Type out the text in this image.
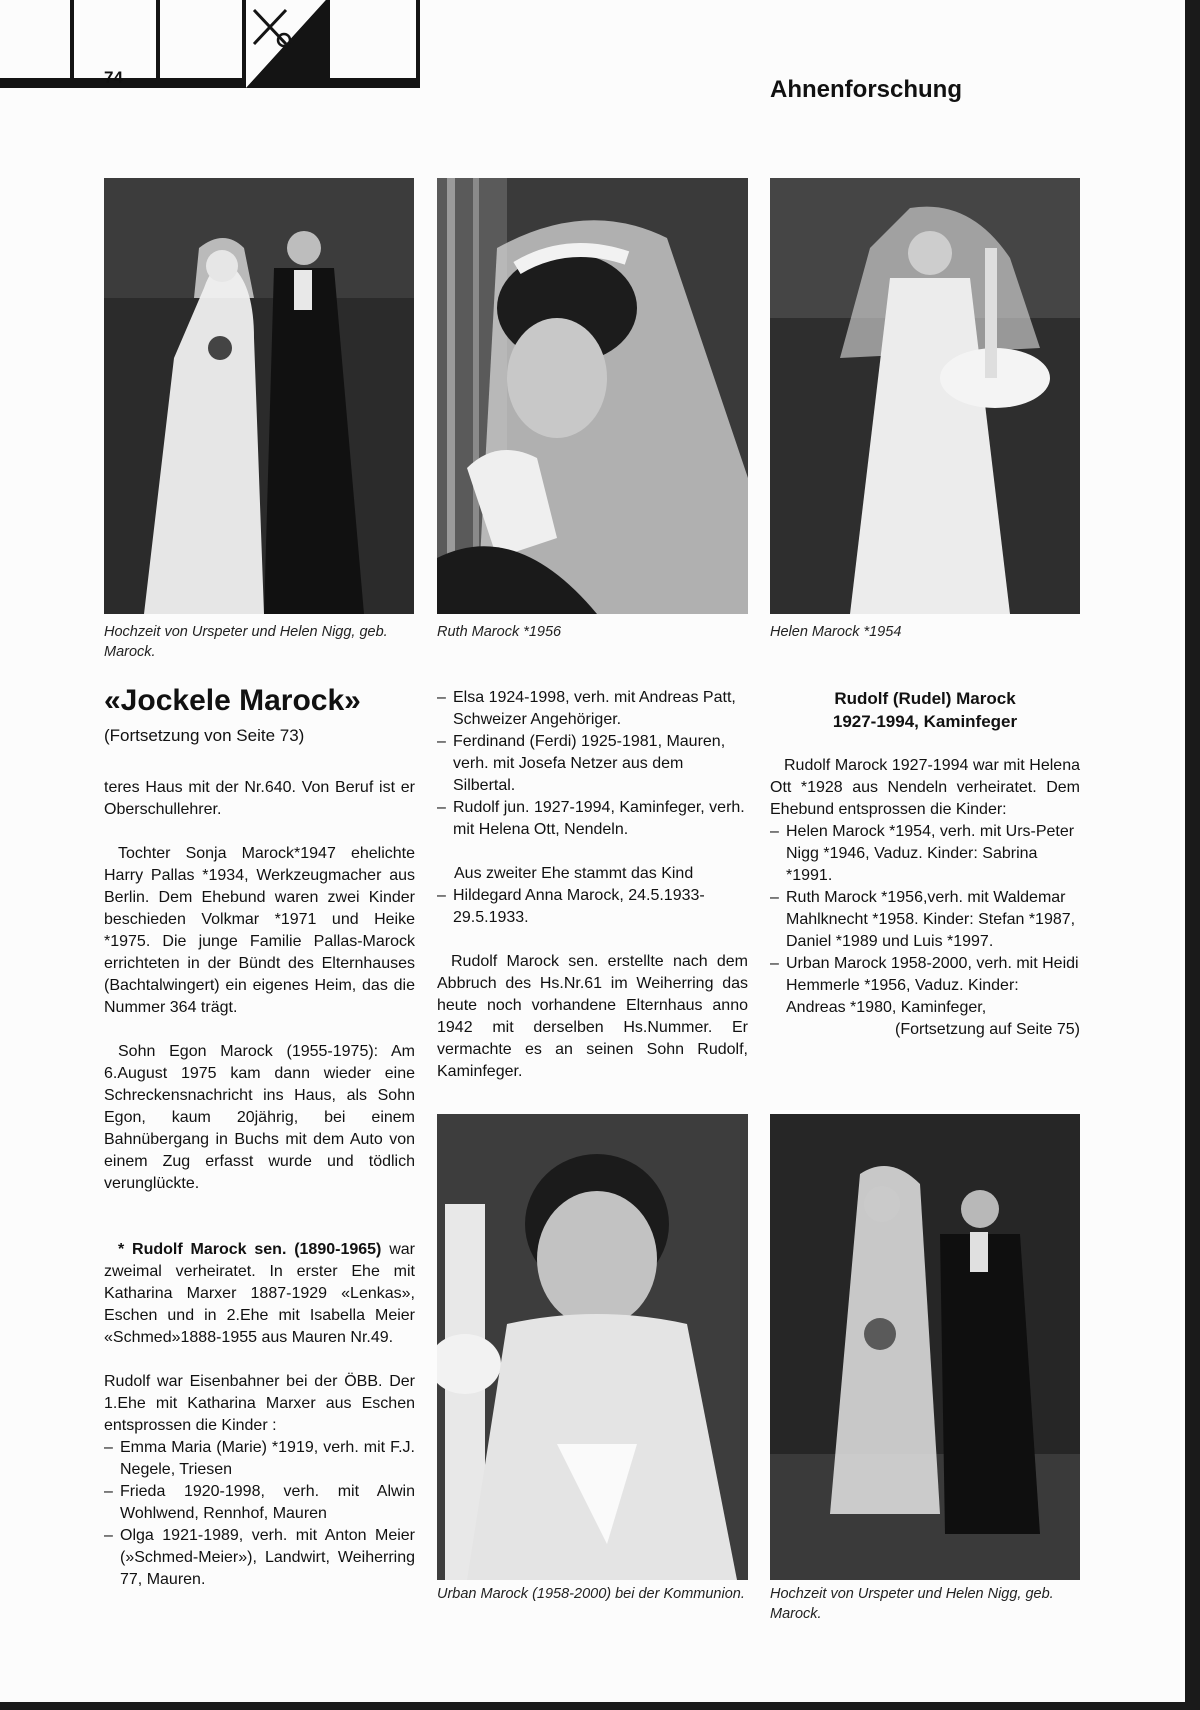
74	Ahnenforschung
Hochzeit von Urspeter und Helen Nigg, geb. Marock.
Ruth Marock *1956	Helen Marock *1954
«Jockele Marock»
(Fortsetzung von Seite 73)

teres Haus mit der Nr.640. Von Beruf ist er Oberschullehrer.

Tochter Sonja Marock*1947 ehelichte Harry Pallas *1934, Werkzeugmacher aus Berlin. Dem Ehebund waren zwei Kinder beschieden Volkmar *1971 und Heike *1975. Die junge Familie Pallas-Marock errichteten in der Bündt des Elternhauses (Bachtalwingert) ein eigenes Heim, das die Nummer 364 trägt.

Sohn Egon Marock (1955-1975): Am 6.August 1975 kam dann wieder eine Schreckensnachricht ins Haus, als Sohn Egon, kaum 20jährig, bei einem Bahnübergang in Buchs mit dem Auto von einem Zug erfasst wurde und tödlich verunglückte.

* Rudolf Marock sen. (1890-1965) war zweimal verheiratet. In erster Ehe mit Katharina Marxer 1887-1929 «Lenkas», Eschen und in 2.Ehe mit Isabella Meier «Schmed»1888-1955 aus Mauren Nr.49.

Rudolf war Eisenbahner bei der ÖBB. Der 1.Ehe mit Katharina Marxer aus Eschen entsprossen die Kinder :

– Emma Maria (Marie) *1919, verh. mit F.J. Negele, Triesen
– Frieda 1920-1998, verh. mit Alwin Wohlwend, Rennhof, Mauren
– Olga 1921-1989, verh. mit Anton Meier (»Schmed-Meier»), Landwirt, Weiherring 77, Mauren.
– Elsa 1924-1998, verh. mit Andreas Patt, Schweizer Angehöriger.
– Ferdinand (Ferdi) 1925-1981, Mauren, verh. mit Josefa Netzer aus dem Silbertal.
– Rudolf jun. 1927-1994, Kaminfeger, verh. mit Helena Ott, Nendeln.

Aus zweiter Ehe stammt das Kind

– Hildegard Anna Marock, 24.5.1933-29.5.1933.

Rudolf Marock sen. erstellte nach dem Abbruch des Hs.Nr.61 im Weiherring das heute noch vorhandene Elternhaus anno 1942 mit derselben Hs.Nummer. Er vermachte es an seinen Sohn Rudolf, Kaminfeger.

Rudolf (Rudel) Marock
1927-1994, Kaminfeger

Rudolf Marock 1927-1994 war mit Helena Ott *1928 aus Nendeln verheiratet. Dem Ehebund entsprossen die Kinder:

– Helen Marock *1954, verh. mit Urs-Peter Nigg *1946, Vaduz. Kinder: Sabrina *1991.
– Ruth Marock *1956,verh. mit Waldemar Mahlknecht *1958. Kinder: Stefan *1987, Daniel *1989 und Luis *1997.
– Urban Marock 1958-2000, verh. mit Heidi Hemmerle *1956, Vaduz. Kinder: Andreas *1980, Kaminfeger,

(Fortsetzung auf Seite 75)

Urban Marock (1958-2000) bei der Kommunion. Hochzeit von Urspeter und Helen Nigg, geb. Marock.
